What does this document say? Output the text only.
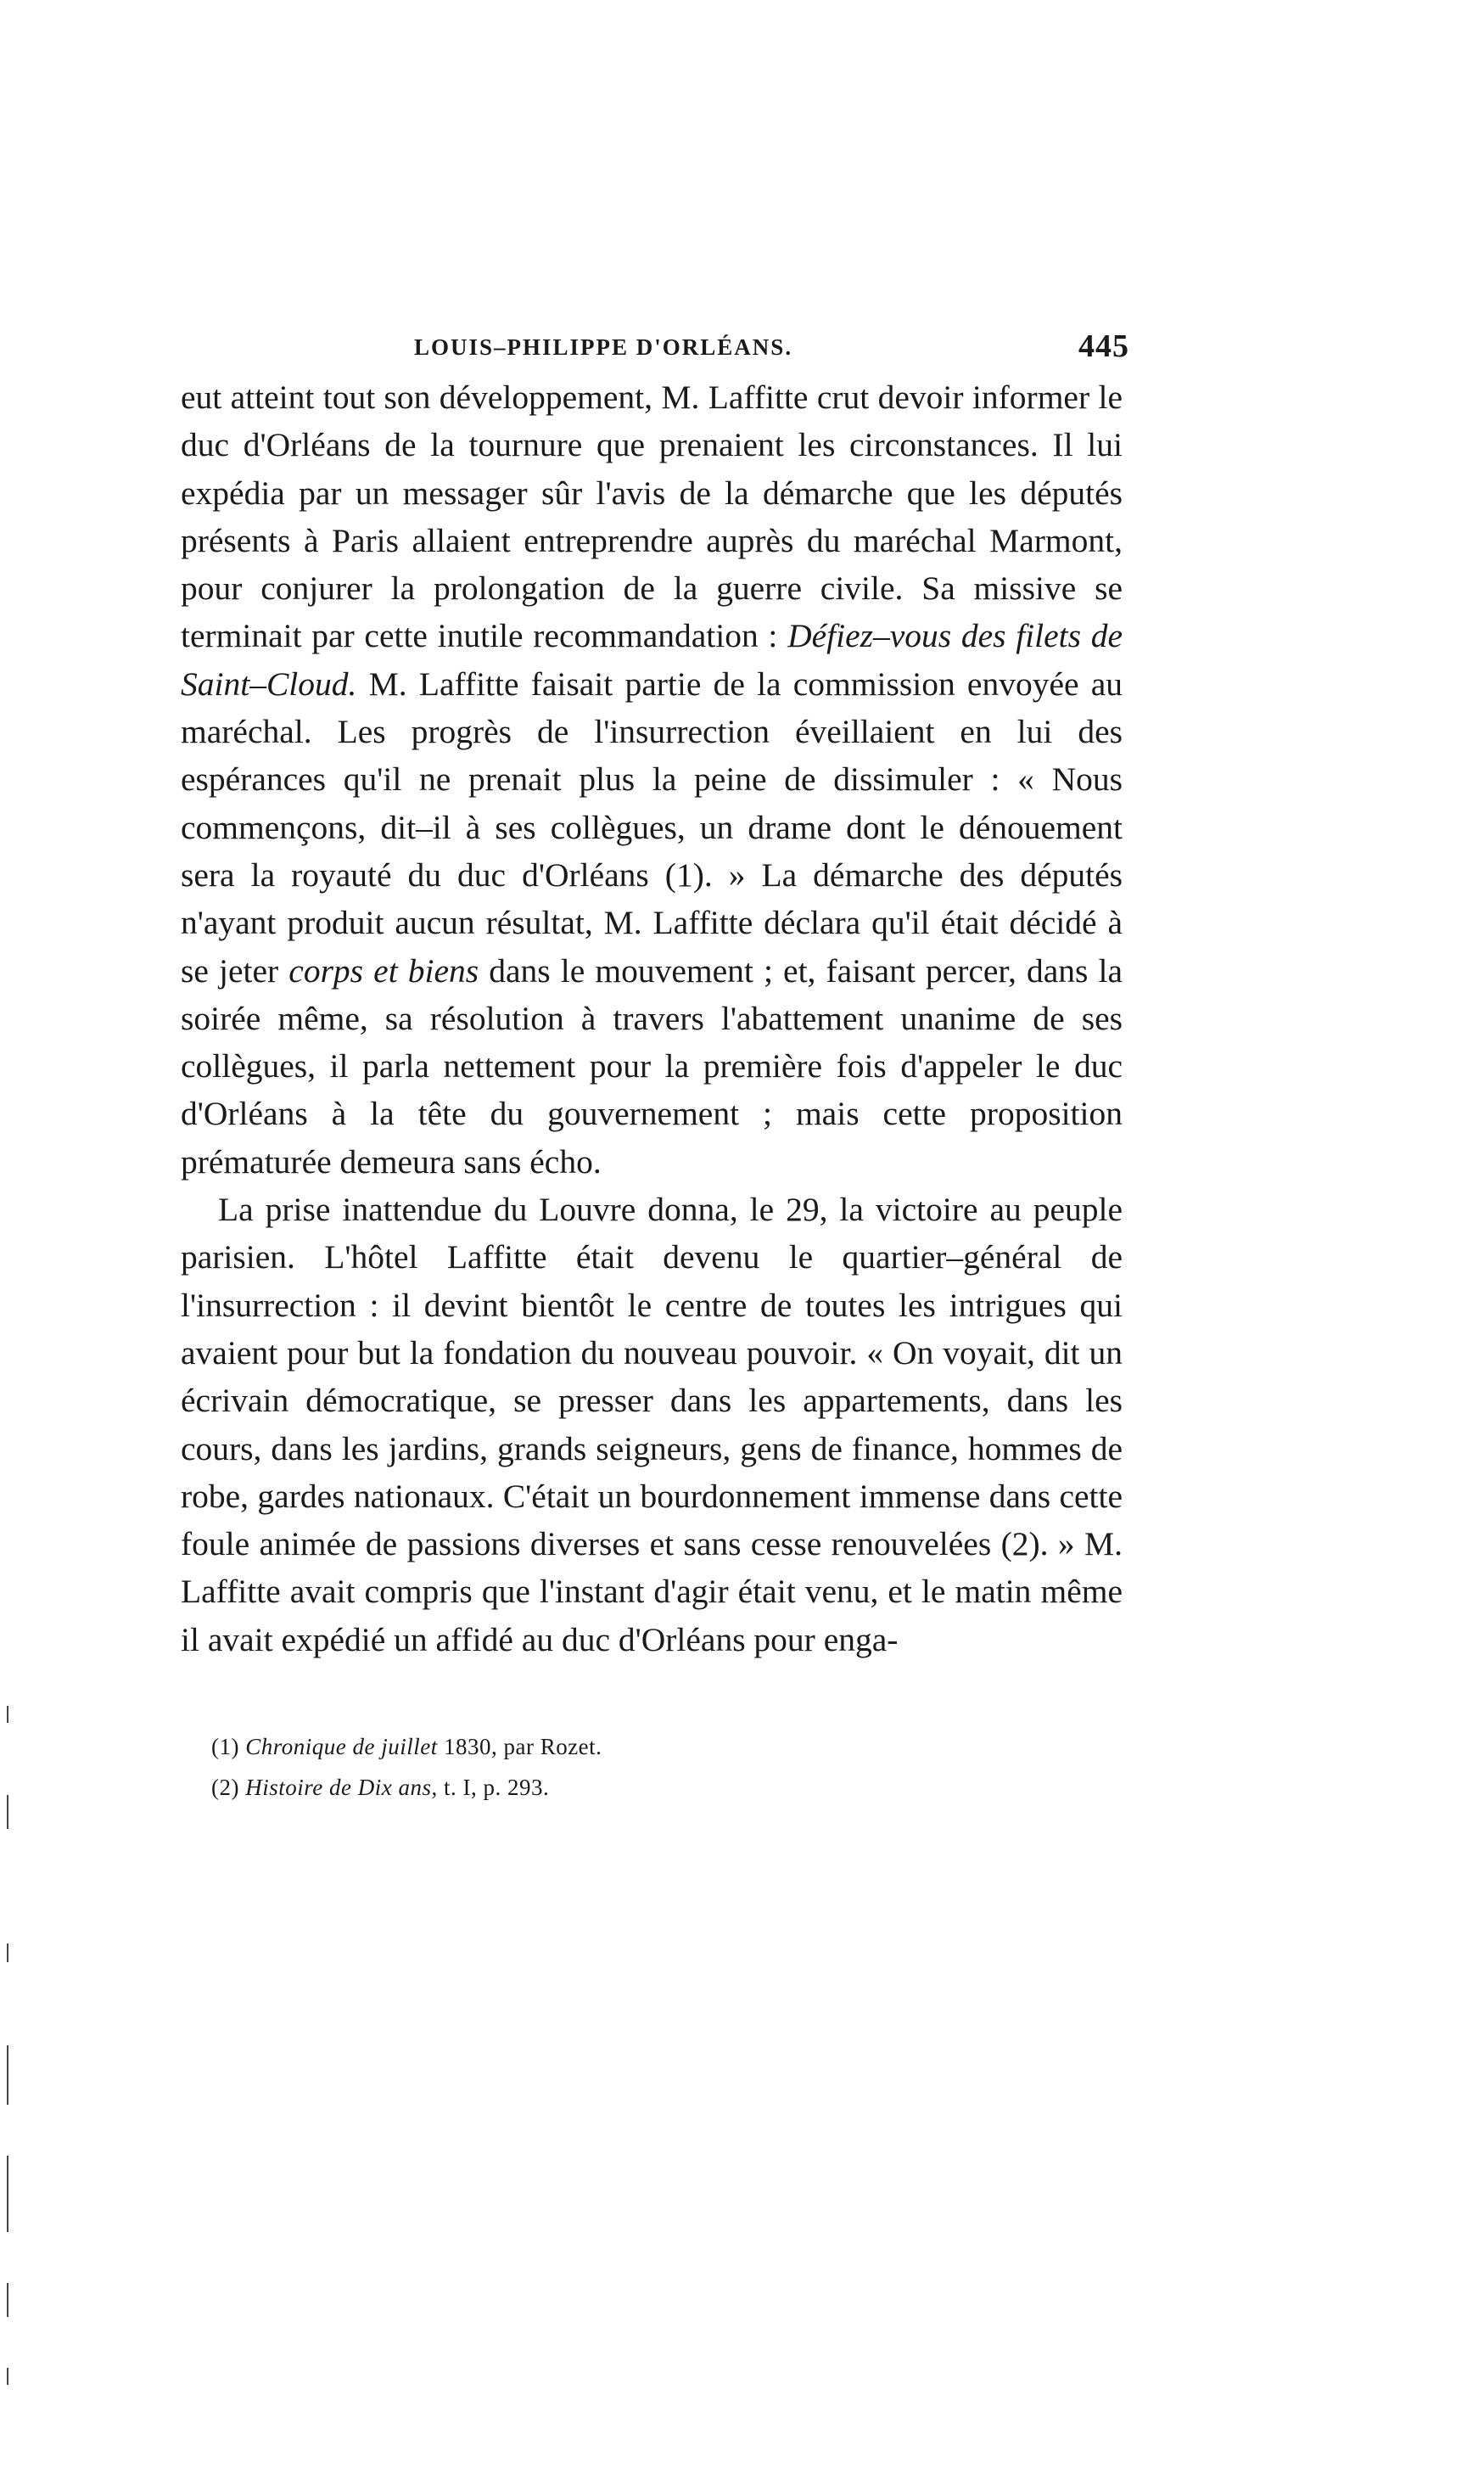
LOUIS–PHILIPPE D'ORLÉANS.	445

eut atteint tout son développement, M. Laffitte crut devoir informer le duc d'Orléans de la tournure que prenaient les circonstances. Il lui expédia par un messager sûr l'avis de la démarche que les députés présents à Paris allaient entreprendre auprès du maréchal Marmont, pour conjurer la prolongation de la guerre civile. Sa missive se terminait par cette inutile recommandation : Défiez–vous des filets de Saint–Cloud. M. Laffitte faisait partie de la commission envoyée au maréchal. Les progrès de l'insurrection éveillaient en lui des espérances qu'il ne prenait plus la peine de dissimuler : « Nous commençons, dit–il à ses collègues, un drame dont le dénouement sera la royauté du duc d'Orléans (1). » La démarche des députés n'ayant produit aucun résultat, M. Laffitte déclara qu'il était décidé à se jeter corps et biens dans le mouvement ; et, faisant percer, dans la soirée même, sa résolution à travers l'abattement unanime de ses collègues, il parla nettement pour la première fois d'appeler le duc d'Orléans à la tête du gouvernement ; mais cette proposition prématurée demeura sans écho.

La prise inattendue du Louvre donna, le 29, la victoire au peuple parisien. L'hôtel Laffitte était devenu le quartier–général de l'insurrection : il devint bientôt le centre de toutes les intrigues qui avaient pour but la fondation du nouveau pouvoir. « On voyait, dit un écrivain démocratique, se presser dans les appartements, dans les cours, dans les jardins, grands seigneurs, gens de finance, hommes de robe, gardes nationaux. C'était un bourdonnement immense dans cette foule animée de passions diverses et sans cesse renouvelées (2). » M. Laffitte avait compris que l'instant d'agir était venu, et le matin même il avait expédié un affidé au duc d'Orléans pour enga-

(1) Chronique de juillet 1830, par Rozet.

(2) Histoire de Dix ans, t. I, p. 293.
